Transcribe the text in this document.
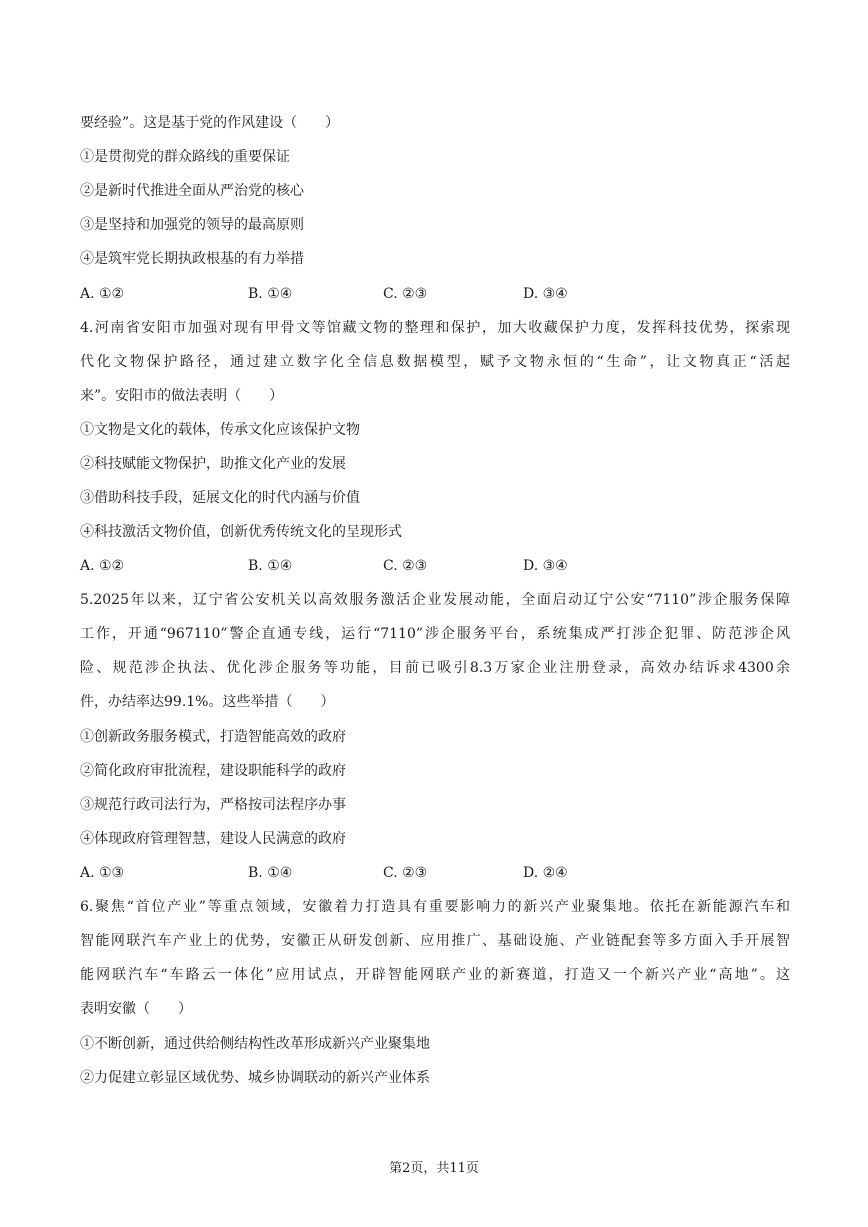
要经验”。这是基于党的作风建设（　　）
①是贯彻党的群众路线的重要保证
②是新时代推进全面从严治党的核心
③是坚持和加强党的领导的最高原则
④是筑牢党长期执政根基的有力举措
A. ①②	B. ①④	C. ②③	D. ③④
4.河南省安阳市加强对现有甲骨文等馆藏文物的整理和保护，加大收藏保护力度，发挥科技优势，探索现
代化文物保护路径，通过建立数字化全信息数据模型，赋予文物永恒的“生命”，让文物真正“活起
来”。安阳市的做法表明（　　）
①文物是文化的载体，传承文化应该保护文物
②科技赋能文物保护，助推文化产业的发展
③借助科技手段，延展文化的时代内涵与价值
④科技激活文物价值，创新优秀传统文化的呈现形式
A. ①②	B. ①④	C. ②③	D. ③④
5.2025年以来，辽宁省公安机关以高效服务激活企业发展动能，全面启动辽宁公安“7110”涉企服务保障
工作，开通“967110”警企直通专线，运行“7110”涉企服务平台，系统集成严打涉企犯罪、防范涉企风
险、规范涉企执法、优化涉企服务等功能，目前已吸引8.3万家企业注册登录，高效办结诉求4300余
件，办结率达99.1%。这些举措（　　）
①创新政务服务模式，打造智能高效的政府
②简化政府审批流程，建设职能科学的政府
③规范行政司法行为，严格按司法程序办事
④体现政府管理智慧，建设人民满意的政府
A. ①③	B. ①④	C. ②③	D. ②④
6.聚焦“首位产业”等重点领域，安徽着力打造具有重要影响力的新兴产业聚集地。依托在新能源汽车和
智能网联汽车产业上的优势，安徽正从研发创新、应用推广、基础设施、产业链配套等多方面入手开展智
能网联汽车“车路云一体化”应用试点，开辟智能网联产业的新赛道，打造又一个新兴产业“高地”。这
表明安徽（　　）
①不断创新，通过供给侧结构性改革形成新兴产业聚集地
②力促建立彰显区域优势、城乡协调联动的新兴产业体系
第2页，共11页
